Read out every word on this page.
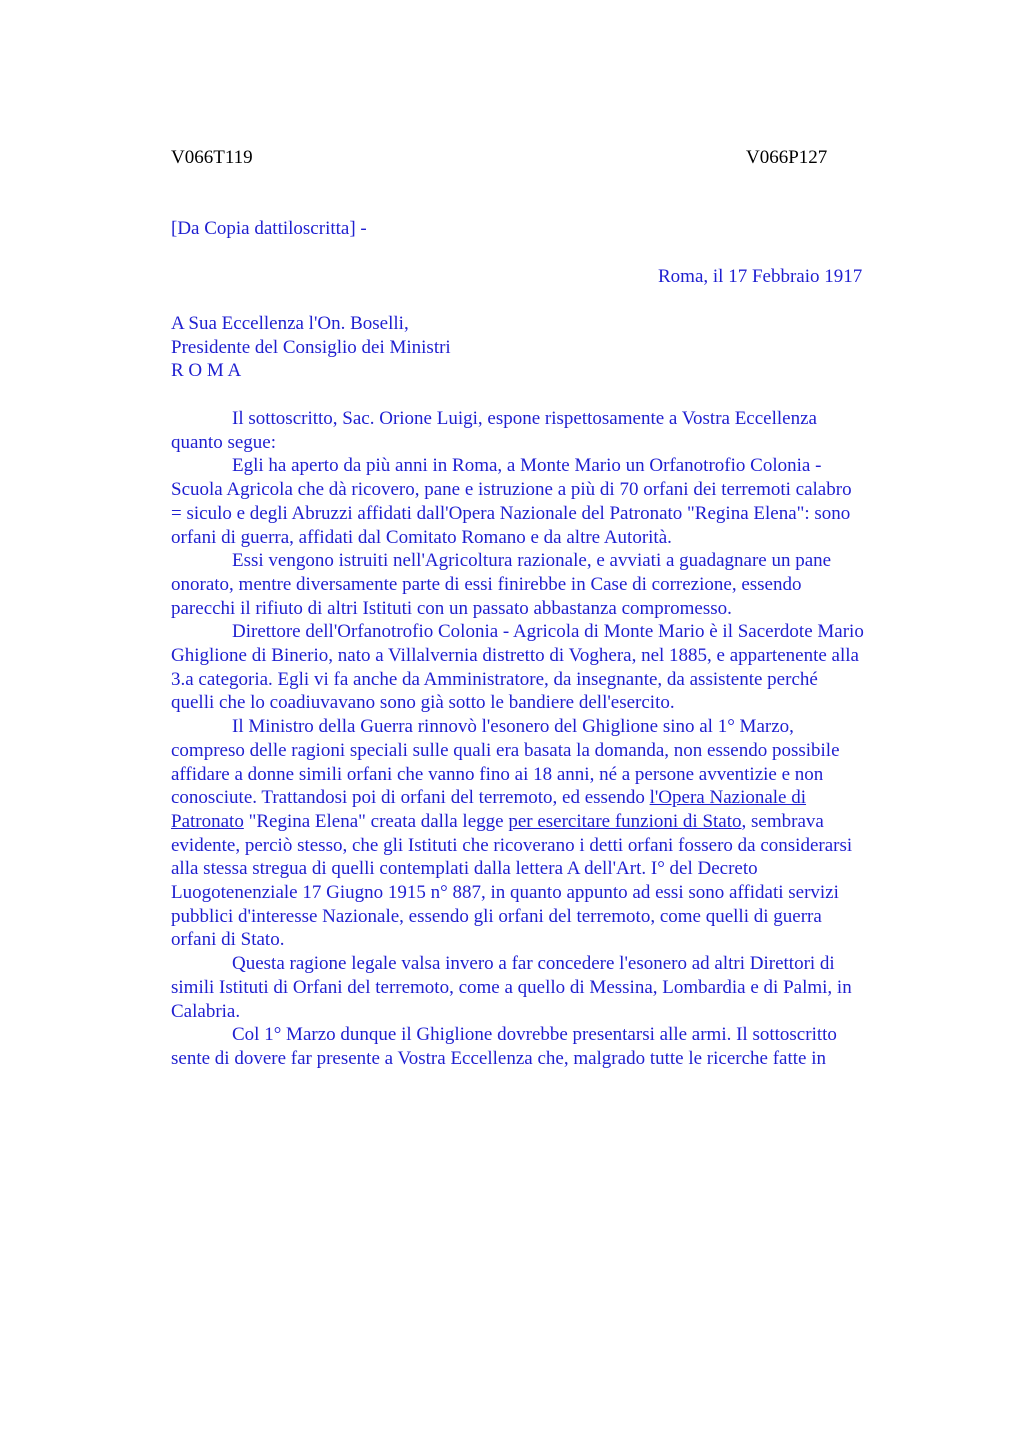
V066T119	V066P127
[Da Copia dattiloscritta] -
Roma, il 17 Febbraio 1917
A Sua Eccellenza l'On. Boselli,
Presidente del Consiglio dei Ministri
R O M A
Il sottoscritto, Sac. Orione Luigi, espone rispettosamente a Vostra Eccellenza
quanto segue:
Egli ha aperto da più anni in Roma, a Monte Mario un Orfanotrofio Colonia -
Scuola Agricola che dà ricovero, pane e istruzione a più di 70 orfani dei terremoti calabro
= siculo e degli Abruzzi affidati dall'Opera Nazionale del Patronato "Regina Elena": sono
orfani di guerra, affidati dal Comitato Romano e da altre Autorità.
Essi vengono istruiti nell'Agricoltura razionale, e avviati a guadagnare un pane
onorato, mentre diversamente parte di essi finirebbe in Case di correzione, essendo
parecchi il rifiuto di altri Istituti con un passato abbastanza compromesso.
Direttore dell'Orfanotrofio Colonia - Agricola di Monte Mario è il Sacerdote Mario
Ghiglione di Binerio, nato a Villalvernia distretto di Voghera, nel 1885, e appartenente alla
3.a categoria. Egli vi fa anche da Amministratore, da insegnante, da assistente perché
quelli che lo coadiuvavano sono già sotto le bandiere dell'esercito.
Il Ministro della Guerra rinnovò l'esonero del Ghiglione sino al 1° Marzo,
compreso delle ragioni speciali sulle quali era basata la domanda, non essendo possibile
affidare a donne simili orfani che vanno fino ai 18 anni, né a persone avventizie e non
conosciute. Trattandosi poi di orfani del terremoto, ed essendo l'Opera Nazionale di
Patronato "Regina Elena" creata dalla legge per esercitare funzioni di Stato, sembrava
evidente, perciò stesso, che gli Istituti che ricoverano i detti orfani fossero da considerarsi
alla stessa stregua di quelli contemplati dalla lettera A dell'Art. I° del Decreto
Luogotenenziale 17 Giugno 1915 n° 887, in quanto appunto ad essi sono affidati servizi
pubblici d'interesse Nazionale, essendo gli orfani del terremoto, come quelli di guerra
orfani di Stato.
Questa ragione legale valsa invero a far concedere l'esonero ad altri Direttori di
simili Istituti di Orfani del terremoto, come a quello di Messina, Lombardia e di Palmi, in
Calabria.
Col 1° Marzo dunque il Ghiglione dovrebbe presentarsi alle armi. Il sottoscritto
sente di dovere far presente a Vostra Eccellenza che, malgrado tutte le ricerche fatte in
